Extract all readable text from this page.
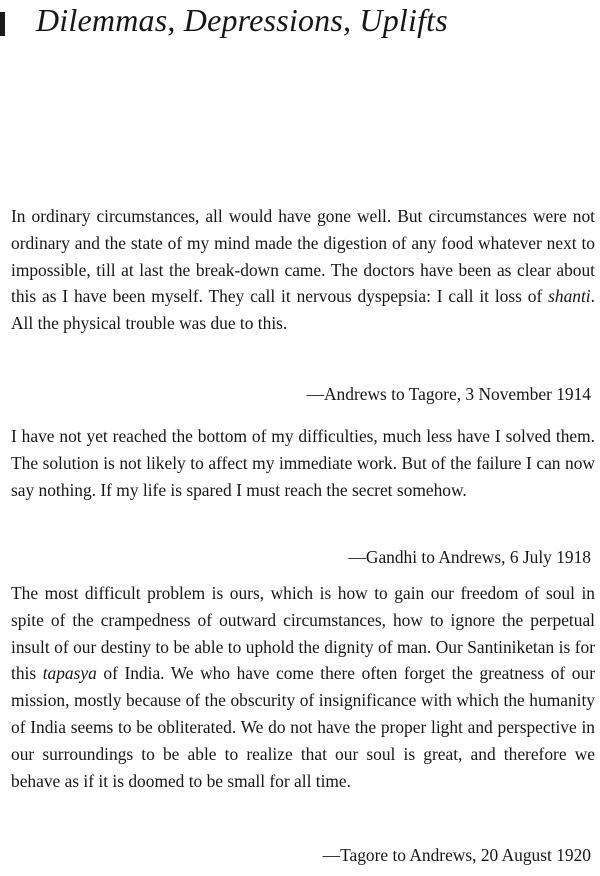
Dilemmas, Depressions, Uplifts

In ordinary circumstances, all would have gone well. But circumstances were not ordinary and the state of my mind made the digestion of any food whatever next to impossible, till at last the break-down came. The doctors have been as clear about this as I have been myself. They call it nervous dyspepsia: I call it loss of shanti. All the physical trouble was due to this.

—Andrews to Tagore, 3 November 1914

I have not yet reached the bottom of my difficulties, much less have I solved them. The solution is not likely to affect my immediate work. But of the failure I can now say nothing. If my life is spared I must reach the secret somehow.

—Gandhi to Andrews, 6 July 1918

The most difficult problem is ours, which is how to gain our freedom of soul in spite of the crampedness of outward circumstances, how to ignore the perpetual insult of our destiny to be able to uphold the dignity of man. Our Santiniketan is for this tapasya of India. We who have come there often forget the greatness of our mission, mostly because of the obscurity of insignificance with which the humanity of India seems to be obliterated. We do not have the proper light and perspective in our surroundings to be able to realize that our soul is great, and therefore we behave as if it is doomed to be small for all time.

—Tagore to Andrews, 20 August 1920
